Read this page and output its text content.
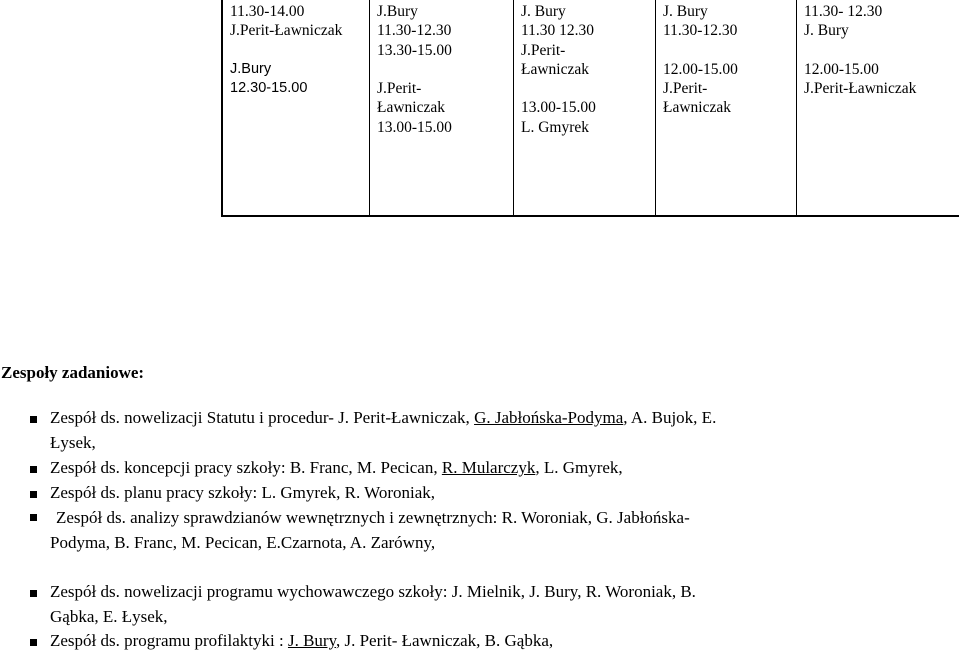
11.30-14.00
J.Perit-Ławniczak
J.Bury
12.30-15.00
J.Bury
11.30-12.30
13.30-15.00
J.Perit-
Ławniczak
13.00-15.00
J. Bury
11.30 12.30
J.Perit-
Ławniczak
13.00-15.00
L. Gmyrek
J. Bury
11.30-12.30
12.00-15.00
J.Perit-
Ławniczak
11.30- 12.30
J. Bury
12.00-15.00
J.Perit-Ławniczak
Zespoły zadaniowe:
Zespół ds. nowelizacji Statutu i procedur- J. Perit-Ławniczak, G. Jabłońska-Podyma, A. Bujok, E.
Łysek,
Zespół ds. koncepcji pracy szkoły: B. Franc, M. Pecican, R. Mularczyk, L. Gmyrek,
Zespół ds. planu pracy szkoły: L. Gmyrek, R. Woroniak,
Zespół ds. analizy sprawdzianów wewnętrznych i zewnętrznych: R. Woroniak, G. Jabłońska-
Podyma, B. Franc, M. Pecican, E.Czarnota, A. Zarówny,
Zespół ds. nowelizacji programu wychowawczego szkoły: J. Mielnik, J. Bury, R. Woroniak, B.
Gąbka, E. Łysek,
Zespół ds. programu profilaktyki : J. Bury, J. Perit- Ławniczak, B. Gąbka,
